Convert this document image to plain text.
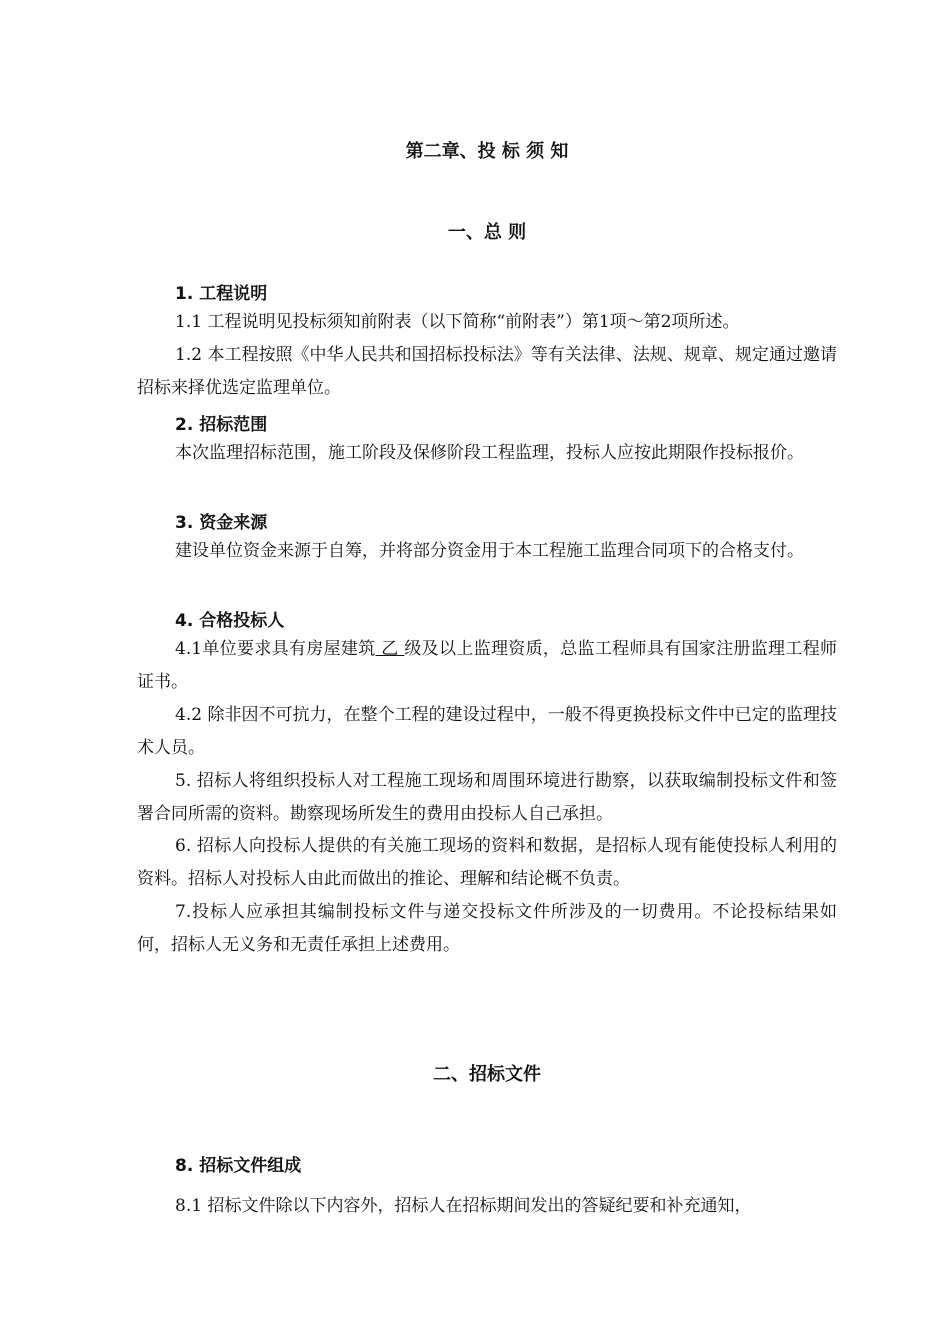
第二章、投 标 须 知
一、总 则
1. 工程说明
1.1 工程说明见投标须知前附表（以下简称“前附表”）第1项～第2项所述。
1.2 本工程按照《中华人民共和国招标投标法》等有关法律、法规、规章、规定通过邀请招标来择优选定监理单位。
2. 招标范围
本次监理招标范围，施工阶段及保修阶段工程监理，投标人应按此期限作投标报价。
3. 资金来源
建设单位资金来源于自筹，并将部分资金用于本工程施工监理合同项下的合格支付。
4. 合格投标人
4.1单位要求具有房屋建筑 乙 级及以上监理资质，总监工程师具有国家注册监理工程师证书。
4.2 除非因不可抗力，在整个工程的建设过程中，一般不得更换投标文件中已定的监理技术人员。
5. 招标人将组织投标人对工程施工现场和周围环境进行勘察，以获取编制投标文件和签署合同所需的资料。勘察现场所发生的费用由投标人自己承担。
6. 招标人向投标人提供的有关施工现场的资料和数据，是招标人现有能使投标人利用的资料。招标人对投标人由此而做出的推论、理解和结论概不负责。
7.投标人应承担其编制投标文件与递交投标文件所涉及的一切费用。不论投标结果如何，招标人无义务和无责任承担上述费用。
二、招标文件
8. 招标文件组成
8.1 招标文件除以下内容外，招标人在招标期间发出的答疑纪要和补充通知，
